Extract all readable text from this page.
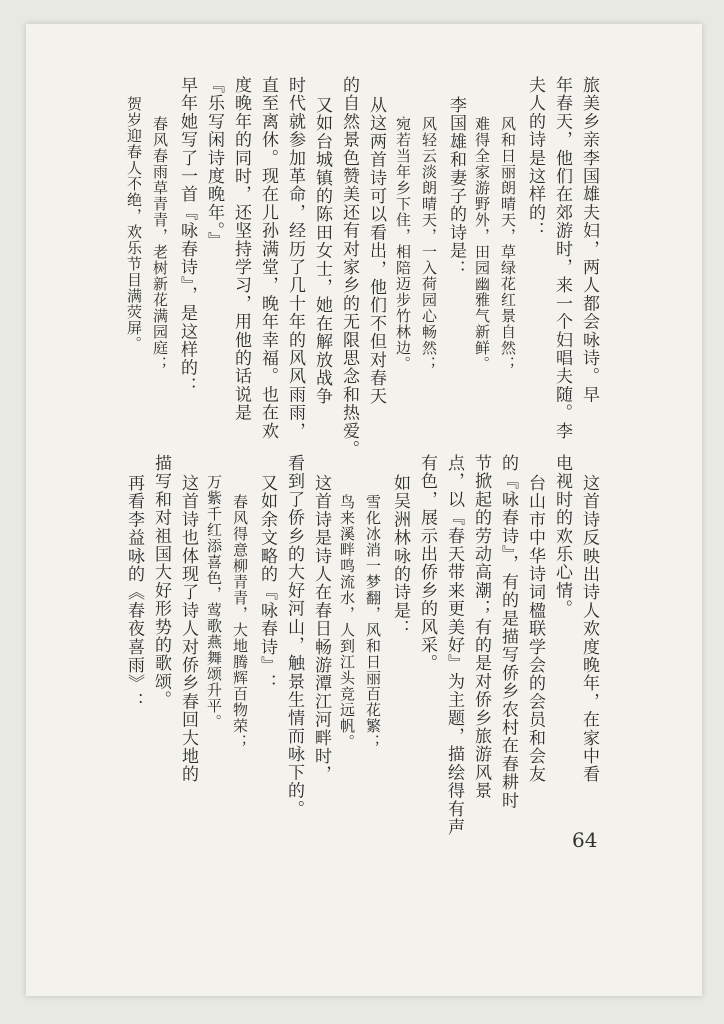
旅美乡亲李国雄夫妇，两人都会咏诗。早
年春天，他们在郊游时，来一个妇唱夫随。李
夫人的诗是这样的：
风和日丽朗晴天，草绿花红景自然；
难得全家游野外，田园幽雅气新鲜。
李国雄和妻子的诗是：
风轻云淡朗晴天，一入荷园心畅然；
宛若当年乡下住，相陪迈步竹林边。
从这两首诗可以看出，他们不但对春天
的自然景色赞美还有对家乡的无限思念和热爱。
又如台城镇的陈田女士，她在解放战争
时代就参加革命，经历了几十年的风风雨雨，
直至离休。现在儿孙满堂，晚年幸福。也在欢
度晚年的同时，还坚持学习，用他的话说是
『乐写闲诗度晚年。』
早年她写了一首『咏春诗』，是这样的：
春风春雨草青青，老树新花满园庭；
贺岁迎春人不绝，欢乐节目满荧屏。
这首诗反映出诗人欢度晚年，在家中看
电视时的欢乐心情。
台山市中华诗词楹联学会的会员和会友
的『咏春诗』，有的是描写侨乡农村在春耕时
节掀起的劳动高潮；有的是对侨乡旅游风景
点，以『春天带来更美好』为主题，描绘得有声
有色，展示出侨乡的风采。
如吴洲林咏的诗是：
雪化冰消一梦翻，风和日丽百花繁；
鸟来溪畔鸣流水，人到江头竞远帆。
这首诗是诗人在春日畅游潭江河畔时，
看到了侨乡的大好河山，触景生情而咏下的。
又如余文略的『咏春诗』：
春风得意柳青青，大地腾辉百物荣；
万紫千红添喜色，莺歌燕舞颂升平。
这首诗也体现了诗人对侨乡春回大地的
描写和对祖国大好形势的歌颂。
再看李益咏的《春夜喜雨》：
64
